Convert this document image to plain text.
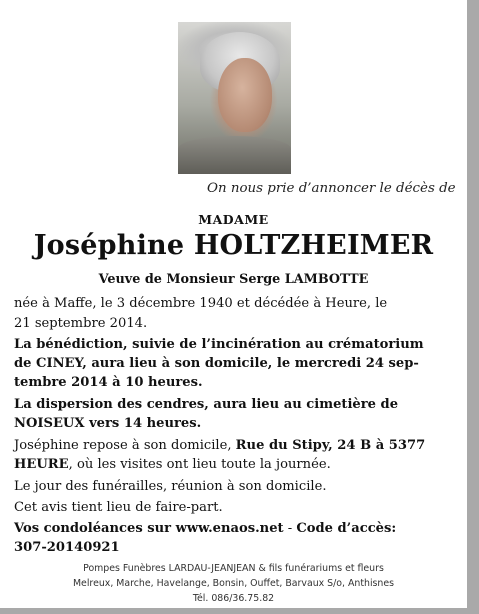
On nous prie d’annoncer le décès de
MADAME
Joséphine HOLTZHEIMER
Veuve de Monsieur Serge LAMBOTTE
née à Maffe, le 3 décembre 1940 et décédée à Heure, le
21 septembre 2014.
La bénédiction, suivie de l’incinération au crématorium
de CINEY, aura lieu à son domicile, le mercredi 24 sep-
tembre 2014 à 10 heures.
La dispersion des cendres, aura lieu au cimetière de
NOISEUX vers 14 heures.
Joséphine repose à son domicile, Rue du Stipy, 24 B à 5377
HEURE, où les visites ont lieu toute la journée.
Le jour des funérailles, réunion à son domicile.
Cet avis tient lieu de faire-part.
Vos condoléances sur www.enaos.net - Code d’accès:
307-20140921
Pompes Funèbres LARDAU-JEANJEAN & fils funérariums et fleurs
Melreux, Marche, Havelange, Bonsin, Ouffet, Barvaux S/o, Anthisnes
Tél. 086/36.75.82
